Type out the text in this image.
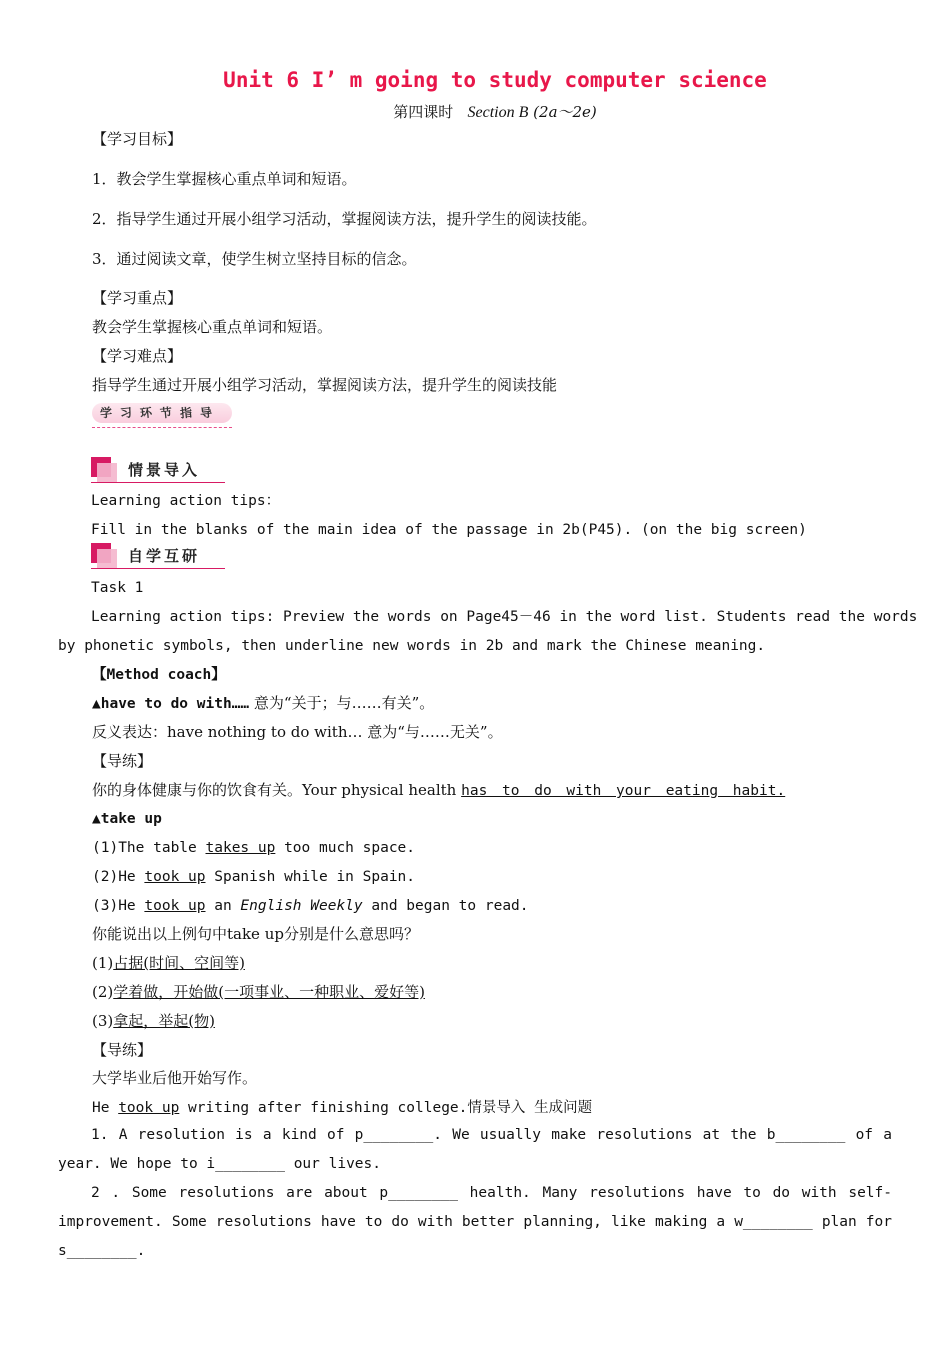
Unit 6 I’ m going to study computer science
第四课时 Section B (2a～2e)
【学习目标】
1．教会学生掌握核心重点单词和短语。
2．指导学生通过开展小组学习活动，掌握阅读方法，提升学生的阅读技能。
3．通过阅读文章，使学生树立坚持目标的信念。
【学习重点】
教会学生掌握核心重点单词和短语。
【学习难点】
指导学生通过开展小组学习活动，掌握阅读方法，提升学生的阅读技能
学 习 环 节 指 导
情景导入
Learning action tips：
Fill in the blanks of the main idea of the passage in 2b(P45). (on the big screen)
自学互研
Task 1
Learning action tips: Preview the words on Page45－46 in the word list. Students read the words
by phonetic symbols, then underline new words in 2b and mark the Chinese meaning.
【Method coach】
▲have to do with…… 意为“关于；与……有关”。
反义表达：have nothing to do with… 意为“与……无关”。
【导练】
你的身体健康与你的饮食有关。Your physical health has to do with your eating habit.
▲take up
(1)The table takes up too much space.
(2)He took up Spanish while in Spain.
(3)He took up an English Weekly and began to read.
你能说出以上例句中take up分别是什么意思吗？
(1)占据(时间、空间等)
(2)学着做，开始做(一项事业、一种职业、爱好等)
(3)拿起，举起(物)
【导练】
大学毕业后他开始写作。
He took up writing after finishing college.情景导入 生成问题
1. A resolution is a kind of p________. We usually make resolutions at the b________ of a year. We hope to i________ our lives.
2 . Some resolutions are about p________ health. Many resolutions have to do with self-improvement. Some resolutions have to do with better planning, like making a w________ plan for s________.
